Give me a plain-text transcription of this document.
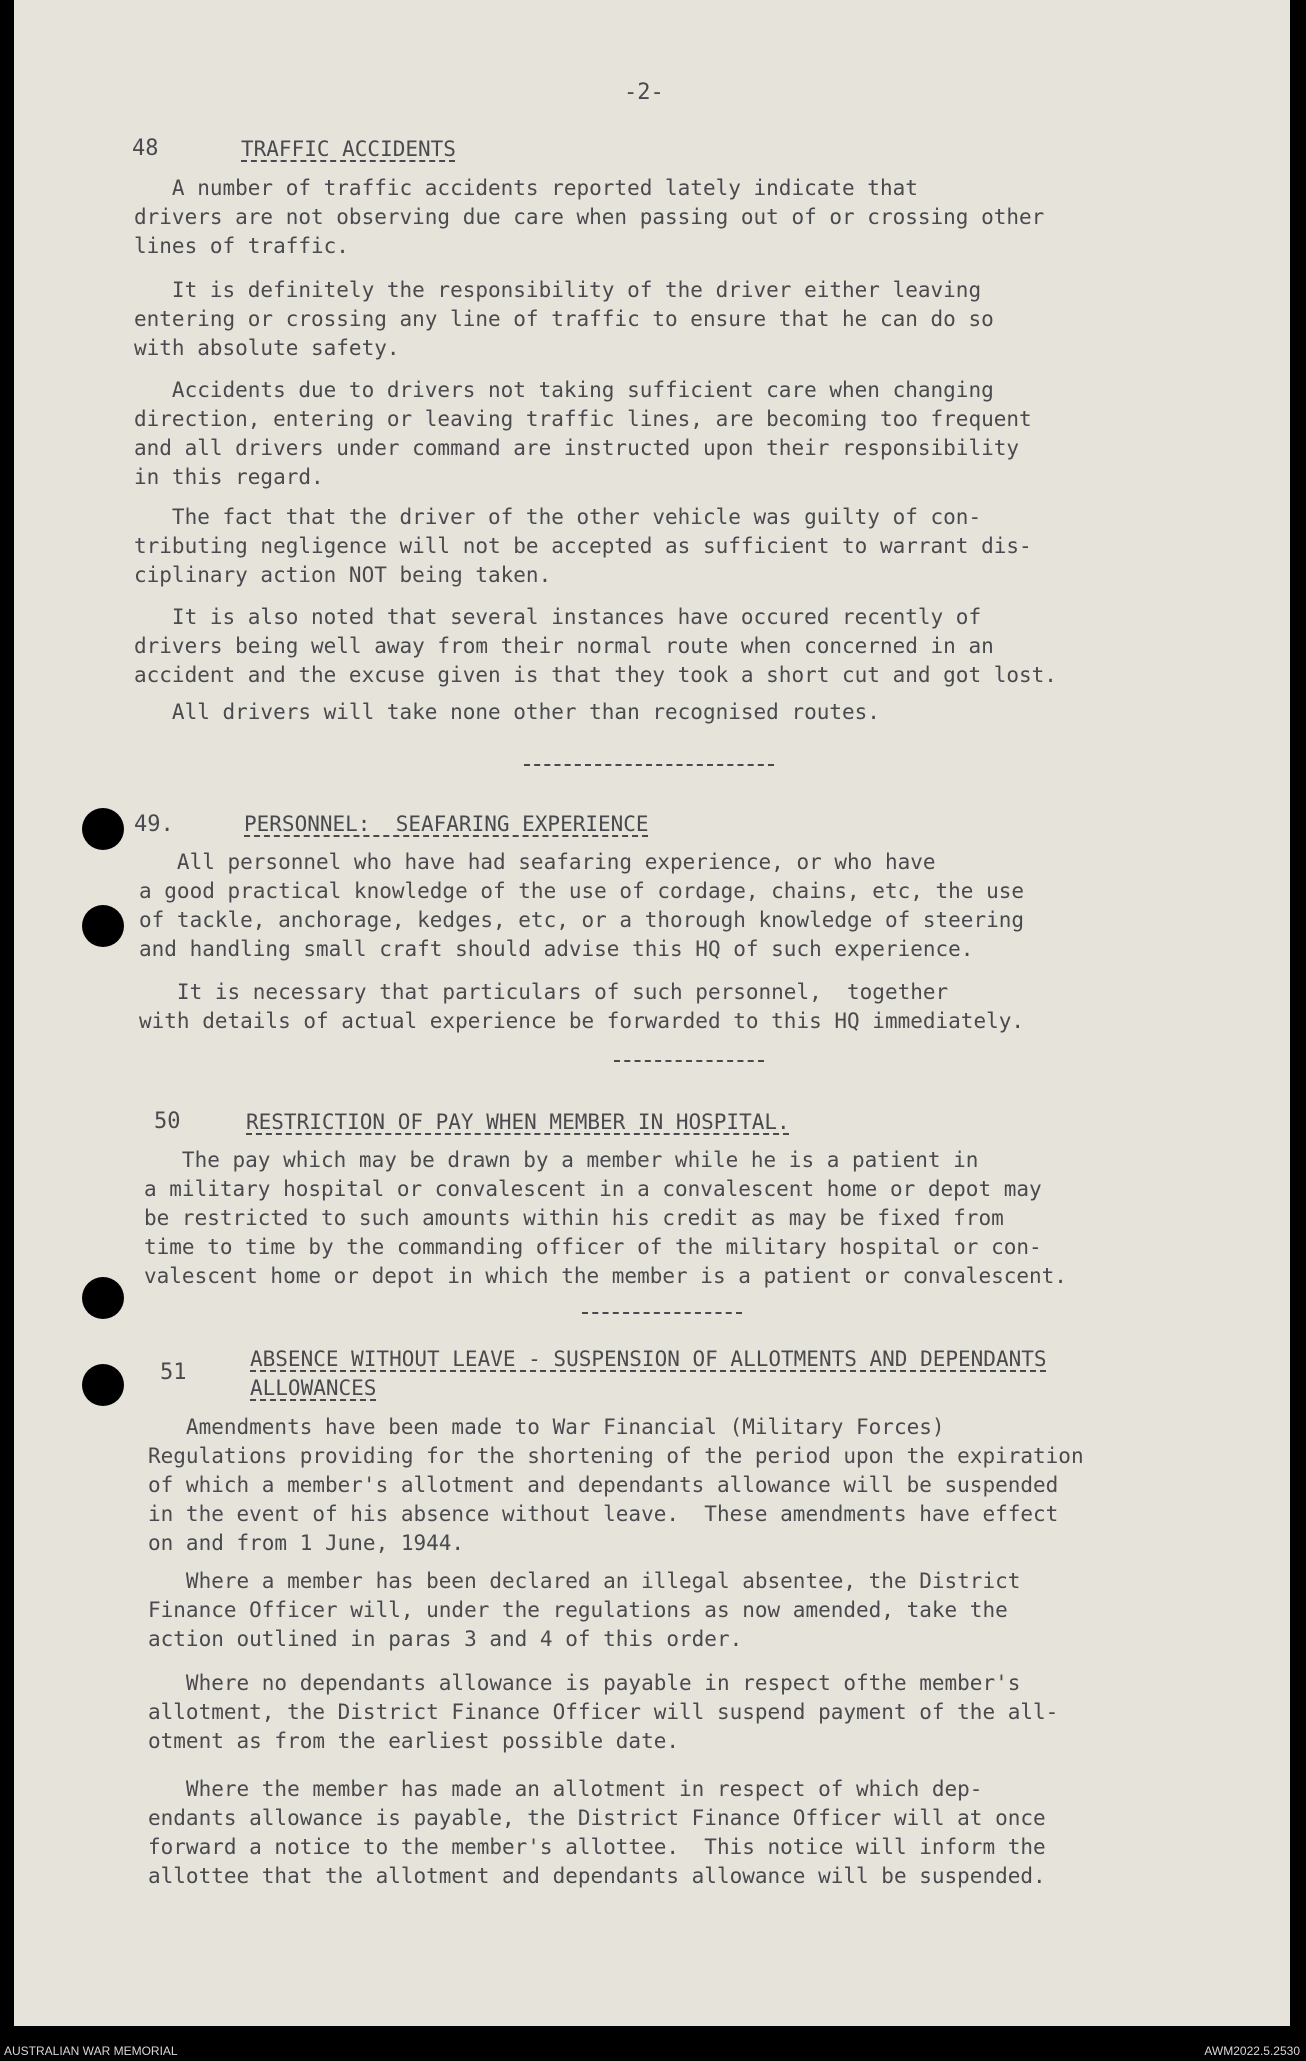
-2-
48	TRAFFIC ACCIDENTS
A number of traffic accidents reported lately indicate that
drivers are not observing due care when passing out of or crossing other
lines of traffic.
It is definitely the responsibility of the driver either leaving
entering or crossing any line of traffic to ensure that he can do so
with absolute safety.
Accidents due to drivers not taking sufficient care when changing
direction, entering or leaving traffic lines, are becoming too frequent
and all drivers under command are instructed upon their responsibility
in this regard.
The fact that the driver of the other vehicle was guilty of con-
tributing negligence will not be accepted as sufficient to warrant dis-
ciplinary action NOT being taken.
It is also noted that several instances have occured recently of
drivers being well away from their normal route when concerned in an
accident and the excuse given is that they took a short cut and got lost.
All drivers will take none other than recognised routes.
49.	PERSONNEL:  SEAFARING EXPERIENCE
All personnel who have had seafaring experience, or who have
a good practical knowledge of the use of cordage, chains, etc, the use
of tackle, anchorage, kedges, etc, or a thorough knowledge of steering
and handling small craft should advise this HQ of such experience.
It is necessary that particulars of such personnel,  together
with details of actual experience be forwarded to this HQ immediately.
50	RESTRICTION OF PAY WHEN MEMBER IN HOSPITAL.
The pay which may be drawn by a member while he is a patient in
a military hospital or convalescent in a convalescent home or depot may
be restricted to such amounts within his credit as may be fixed from
time to time by the commanding officer of the military hospital or con-
valescent home or depot in which the member is a patient or convalescent.
51
ABSENCE WITHOUT LEAVE - SUSPENSION OF ALLOTMENTS AND DEPENDANTS
ALLOWANCES
Amendments have been made to War Financial (Military Forces)
Regulations providing for the shortening of the period upon the expiration
of which a member's allotment and dependants allowance will be suspended
in the event of his absence without leave.  These amendments have effect
on and from 1 June, 1944.
Where a member has been declared an illegal absentee, the District
Finance Officer will, under the regulations as now amended, take the
action outlined in paras 3 and 4 of this order.
Where no dependants allowance is payable in respect ofthe member's
allotment, the District Finance Officer will suspend payment of the all-
otment as from the earliest possible date.
Where the member has made an allotment in respect of which dep-
endants allowance is payable, the District Finance Officer will at once
forward a notice to the member's allottee.  This notice will inform the
allottee that the allotment and dependants allowance will be suspended.
AUSTRALIAN WAR MEMORIAL	AWM2022.5.2530
